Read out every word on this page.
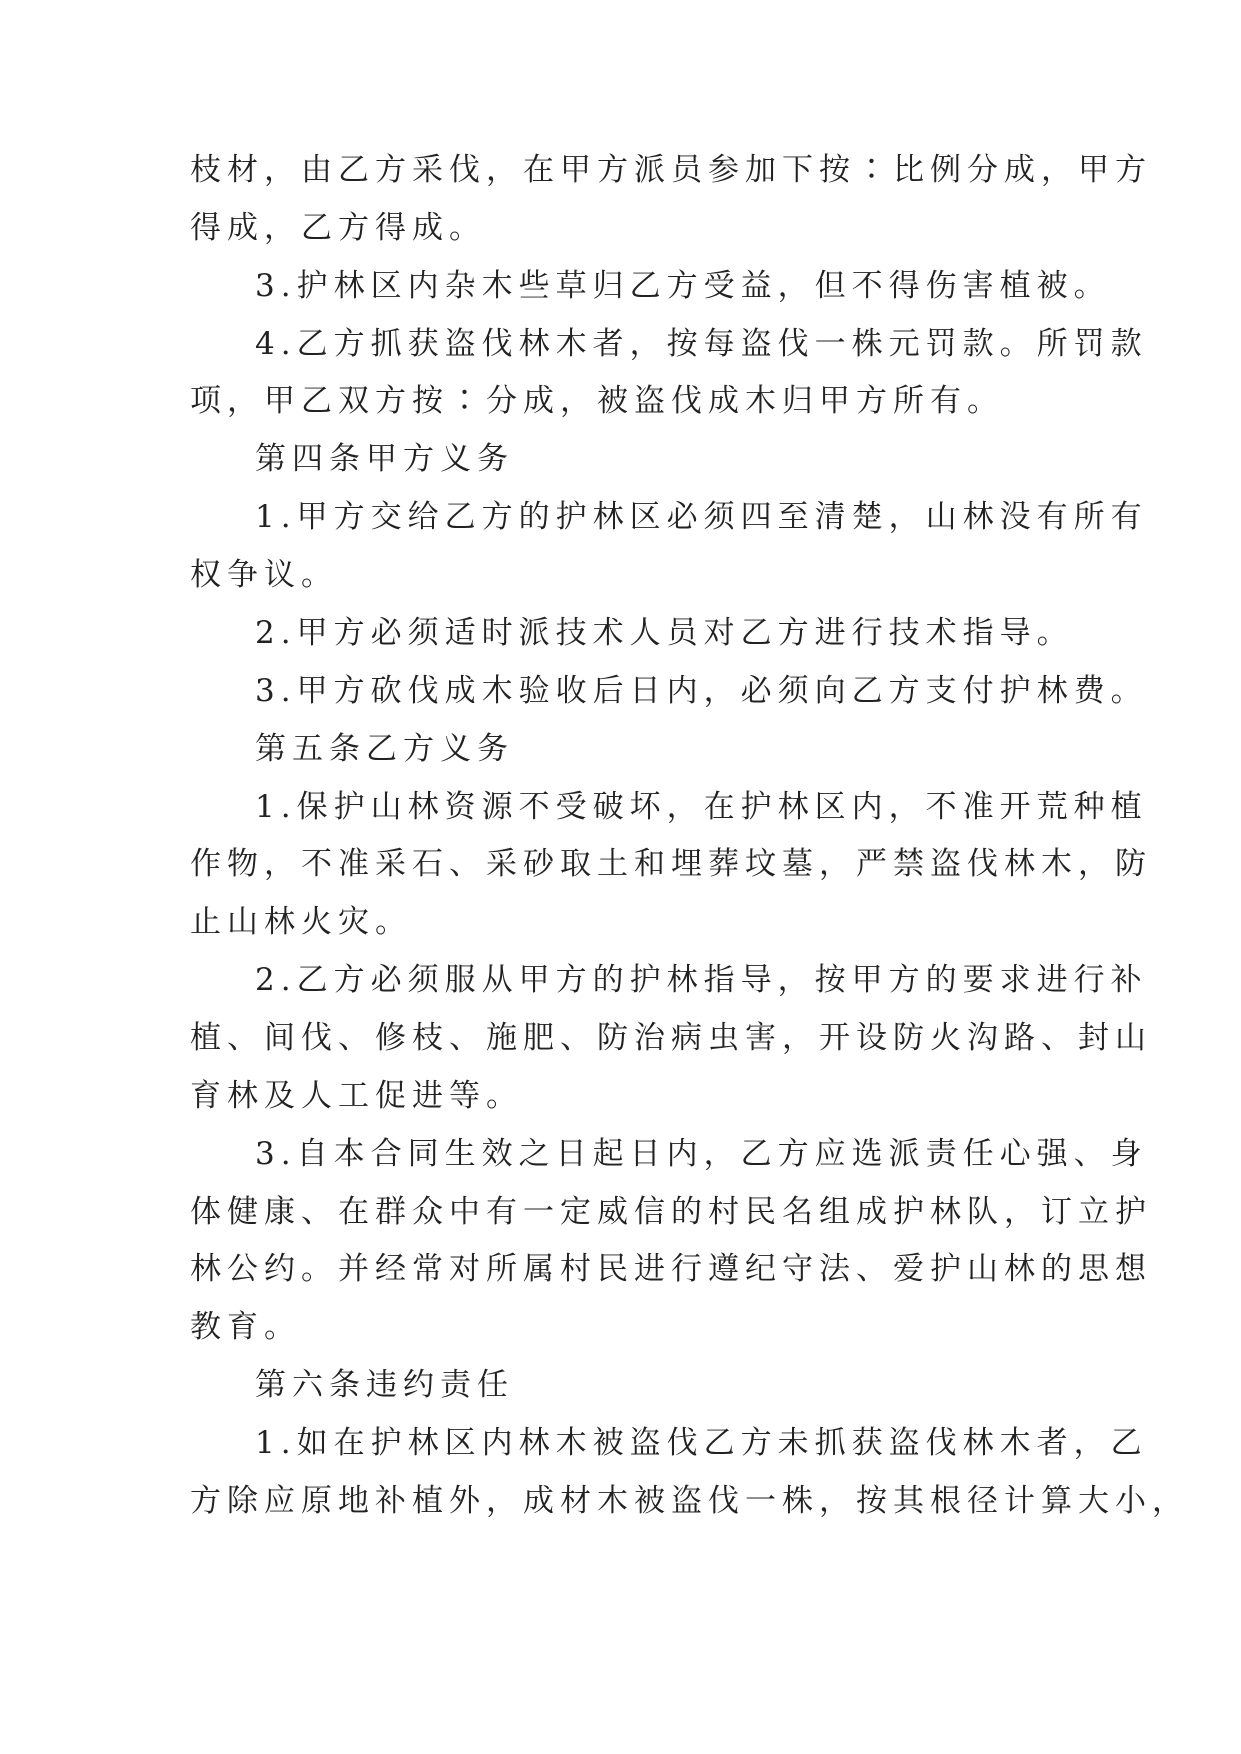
枝材，由乙方采伐，在甲方派员参加下按∶比例分成，甲方
得成，乙方得成。
3.护林区内杂木些草归乙方受益，但不得伤害植被。
4.乙方抓获盗伐林木者，按每盗伐一株元罚款。所罚款
项，甲乙双方按∶分成，被盗伐成木归甲方所有。
第四条甲方义务
1.甲方交给乙方的护林区必须四至清楚，山林没有所有
权争议。
2.甲方必须适时派技术人员对乙方进行技术指导。
3.甲方砍伐成木验收后日内，必须向乙方支付护林费。
第五条乙方义务
1.保护山林资源不受破坏，在护林区内，不准开荒种植
作物，不准采石、采砂取土和埋葬坟墓，严禁盗伐林木，防
止山林火灾。
2.乙方必须服从甲方的护林指导，按甲方的要求进行补
植、间伐、修枝、施肥、防治病虫害，开设防火沟路、封山
育林及人工促进等。
3.自本合同生效之日起日内，乙方应选派责任心强、身
体健康、在群众中有一定威信的村民名组成护林队，订立护
林公约。并经常对所属村民进行遵纪守法、爱护山林的思想
教育。
第六条违约责任
1.如在护林区内林木被盗伐乙方未抓获盗伐林木者，乙
方除应原地补植外，成材木被盗伐一株，按其根径计算大小，
